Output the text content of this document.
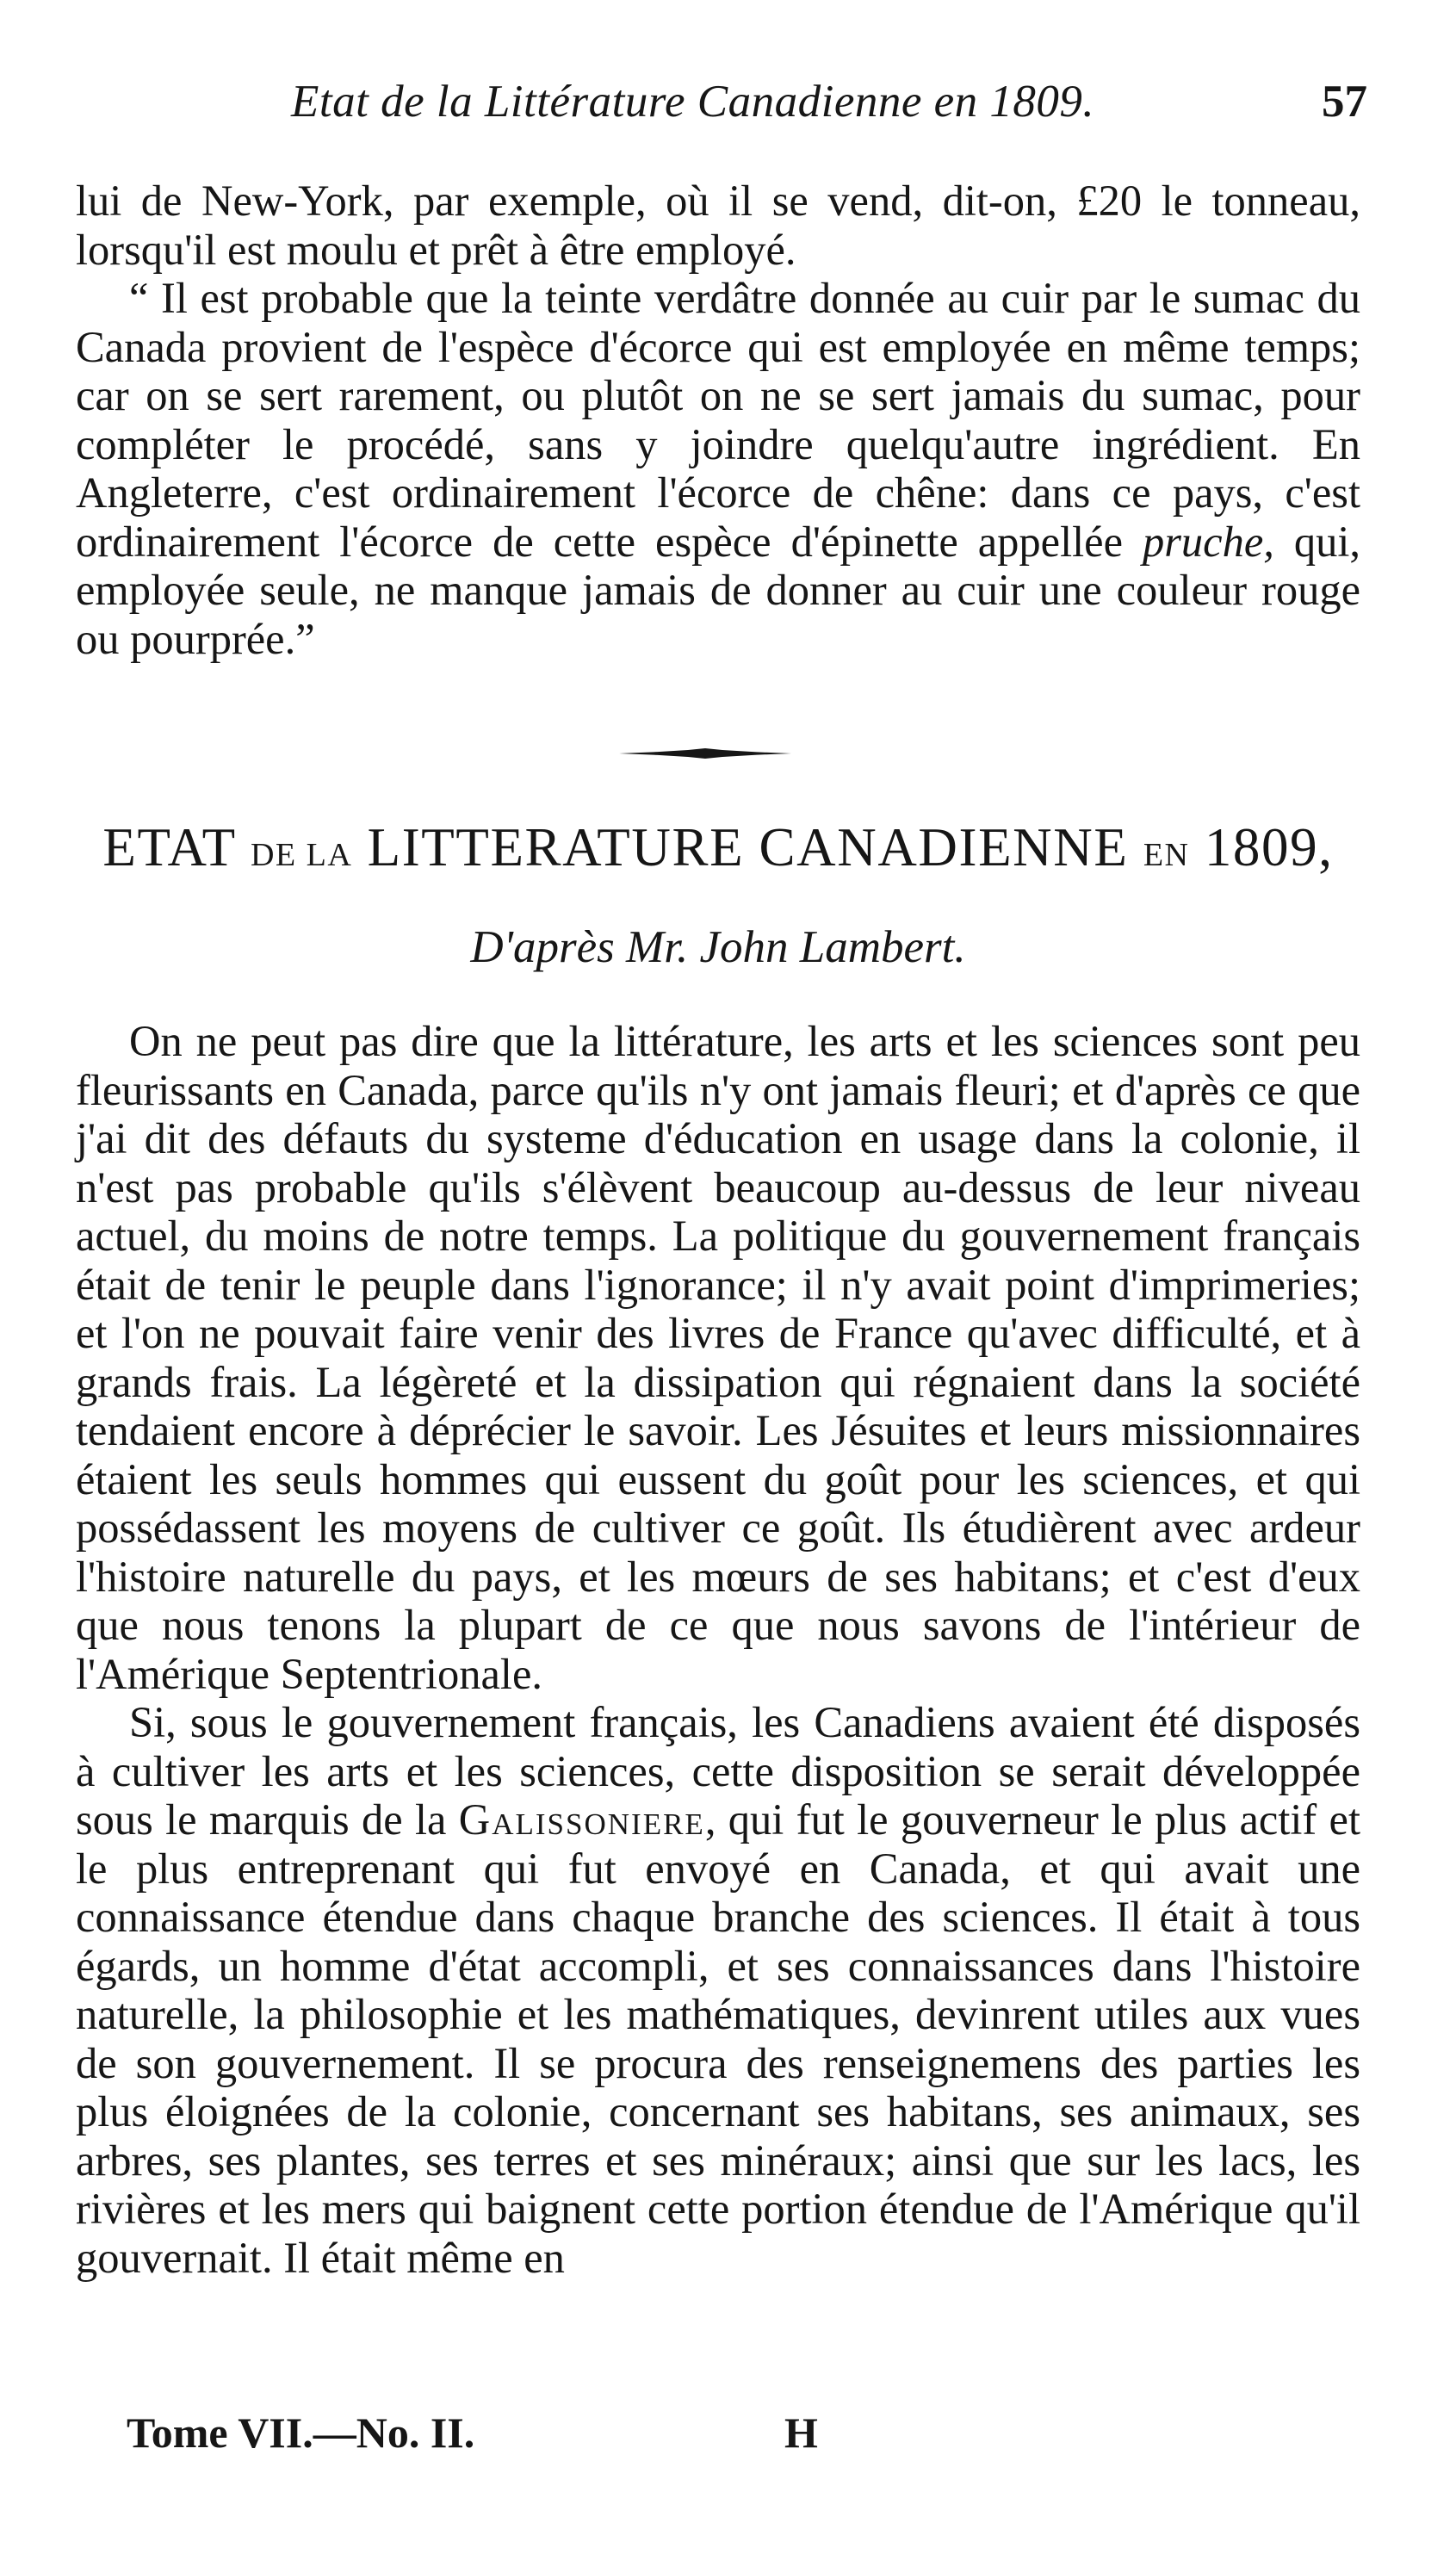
Etat de la Littérature Canadienne en 1809.	57

lui de New-York, par exemple, où il se vend, dit-on, £20 le tonneau, lorsqu'il est moulu et prêt à être employé.

“ Il est probable que la teinte verdâtre donnée au cuir par le sumac du Canada provient de l'espèce d'écorce qui est employée en même temps; car on se sert rarement, ou plutôt on ne se sert jamais du sumac, pour compléter le procédé, sans y joindre quelqu'autre ingrédient. En Angleterre, c'est ordinairement l'écorce de chêne: dans ce pays, c'est ordinairement l'écorce de cette espèce d'épinette appellée pruche, qui, employée seule, ne manque jamais de donner au cuir une couleur rouge ou pourprée.”

ETAT DE LA LITTERATURE CANADIENNE EN 1809,
D'après Mr. John Lambert.

On ne peut pas dire que la littérature, les arts et les sciences sont peu fleurissants en Canada, parce qu'ils n'y ont jamais fleuri; et d'après ce que j'ai dit des défauts du systeme d'éducation en usage dans la colonie, il n'est pas probable qu'ils s'élèvent beaucoup au-dessus de leur niveau actuel, du moins de notre temps. La politique du gouvernement français était de tenir le peuple dans l'ignorance; il n'y avait point d'imprimeries; et l'on ne pouvait faire venir des livres de France qu'avec difficulté, et à grands frais. La légèreté et la dissipation qui régnaient dans la société tendaient encore à déprécier le savoir. Les Jésuites et leurs missionnaires étaient les seuls hommes qui eussent du goût pour les sciences, et qui possédassent les moyens de cultiver ce goût. Ils étudièrent avec ardeur l'histoire naturelle du pays, et les mœurs de ses habitans; et c'est d'eux que nous tenons la plupart de ce que nous savons de l'intérieur de l'Amérique Septentrionale.

Si, sous le gouvernement français, les Canadiens avaient été disposés à cultiver les arts et les sciences, cette disposition se serait développée sous le marquis de la Galissoniere, qui fut le gouverneur le plus actif et le plus entreprenant qui fut envoyé en Canada, et qui avait une connaissance étendue dans chaque branche des sciences. Il était à tous égards, un homme d'état accompli, et ses connaissances dans l'histoire naturelle, la philosophie et les mathématiques, devinrent utiles aux vues de son gouvernement. Il se procura des renseignemens des parties les plus éloignées de la colonie, concernant ses habitans, ses animaux, ses arbres, ses plantes, ses terres et ses minéraux; ainsi que sur les lacs, les rivières et les mers qui baignent cette portion étendue de l'Amérique qu'il gouvernait. Il était même en

Tome VII.—No. II.	H
